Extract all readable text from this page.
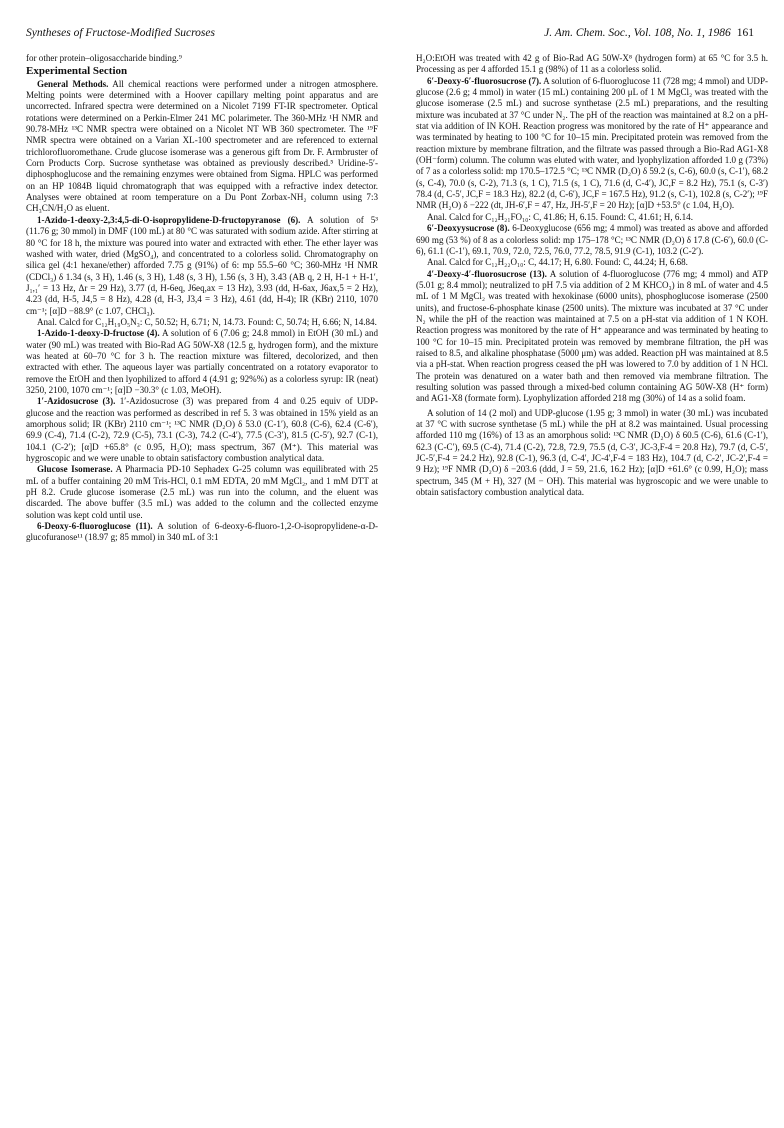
Syntheses of Fructose-Modified Sucroses	J. Am. Chem. Soc., Vol. 108, No. 1, 1986 161

for other protein–oligosaccharide binding.⁹

Experimental Section

General Methods. All chemical reactions were performed under a nitrogen atmosphere. Melting points were determined with a Hoover capillary melting point apparatus and are uncorrected. Infrared spectra were determined on a Nicolet 7199 FT-IR spectrometer. Optical rotations were determined on a Perkin-Elmer 241 MC polarimeter. The 360-MHz ¹H NMR and 90.78-MHz ¹³C NMR spectra were obtained on a Nicolet NT WB 360 spectrometer. The ¹⁹F NMR spectra were obtained on a Varian XL-100 spectrometer and are referenced to external trichlorofluoromethane. Crude glucose isomerase was a generous gift from Dr. F. Armbruster of Corn Products Corp. Sucrose synthetase was obtained as previously described.⁵ Uridine-5′-diphosphoglucose and the remaining enzymes were obtained from Sigma. HPLC was performed on an HP 1084B liquid chromatograph that was equipped with a refractive index detector. Analyses were obtained at room temperature on a Du Pont Zorbax-NH₂ column using 7:3 CH₃CN/H₂O as eluent.

1-Azido-1-deoxy-2,3:4,5-di-O-isopropylidene-D-fructopyranose (6). A solution of 5³ (11.76 g; 30 mmol) in DMF (100 mL) at 80 °C was saturated with sodium azide. After stirring at 80 °C for 18 h, the mixture was poured into water and extracted with ether. The ether layer was washed with water, dried (MgSO₄), and concentrated to a colorless solid. Chromatography on silica gel (4:1 hexane/ether) afforded 7.75 g (91%) of 6: mp 55.5–60 °C; 360-MHz ¹H NMR (CDCl₃) δ 1.34 (s, 3 H), 1.46 (s, 3 H), 1.48 (s, 3 H), 1.56 (s, 3 H), 3.43 (AB q, 2 H, H-1 + H-1′, J₁,₁′ = 13 Hz, Δr = 29 Hz), 3.77 (d, H-6eq, J6eq,ax = 13 Hz), 3.93 (dd, H-6ax, J6ax,5 = 2 Hz), 4.23 (dd, H-5, J4,5 = 8 Hz), 4.28 (d, H-3, J3,4 = 3 Hz), 4.61 (dd, H-4); IR (KBr) 2110, 1070 cm⁻¹; [α]D −88.9° (c 1.07, CHCl₃).

Anal. Calcd for C₁₂H₁₉O₅N₃: C, 50.52; H, 6.71; N, 14.73. Found: C, 50.74; H, 6.66; N, 14.84.

1-Azido-1-deoxy-D-fructose (4). A solution of 6 (7.06 g; 24.8 mmol) in EtOH (30 mL) and water (90 mL) was treated with Bio-Rad AG 50W-X8 (12.5 g, hydrogen form), and the mixture was heated at 60–70 °C for 3 h. The reaction mixture was filtered, decolorized, and then extracted with ether. The aqueous layer was partially concentrated on a rotatory evaporator to remove the EtOH and then lyophilized to afford 4 (4.91 g; 92%%) as a colorless syrup: IR (neat) 3250, 2100, 1070 cm⁻¹; [α]D −30.3° (c 1.03, MeOH).

1′-Azidosucrose (3). 1′-Azidosucrose (3) was prepared from 4 and 0.25 equiv of UDP-glucose and the reaction was performed as described in ref 5. 3 was obtained in 15% yield as an amorphous solid; IR (KBr) 2110 cm⁻¹; ¹³C NMR (D₂O) δ 53.0 (C-1′), 60.8 (C-6), 62.4 (C-6′), 69.9 (C-4), 71.4 (C-2), 72.9 (C-5), 73.1 (C-3), 74.2 (C-4′), 77.5 (C-3′), 81.5 (C-5′), 92.7 (C-1), 104.1 (C-2′); [α]D +65.8° (c 0.95, H₂O); mass spectrum, 367 (M⁺). This material was hygroscopic and we were unable to obtain satisfactory combustion analytical data.

Glucose Isomerase. A Pharmacia PD-10 Sephadex G-25 column was equilibrated with 25 mL of a buffer containing 20 mM Tris-HCl, 0.1 mM EDTA, 20 mM MgCl₂, and 1 mM DTT at pH 8.2. Crude glucose isomerase (2.5 mL) was run into the column, and the eluent was discarded. The above buffer (3.5 mL) was added to the column and the collected enzyme solution was kept cold until use.

6-Deoxy-6-fluoroglucose (11). A solution of 6-deoxy-6-fluoro-1,2-O-isopropylidene-α-D-glucofuranose¹¹ (18.97 g; 85 mmol) in 340 mL of 3:1

H₂O:EtOH was treated with 42 g of Bio-Rad AG 50W-X⁸ (hydrogen form) at 65 °C for 3.5 h. Processing as per 4 afforded 15.1 g (98%) of 11 as a colorless solid.

6′-Deoxy-6′-fluorosucrose (7). A solution of 6-fluoroglucose 11 (728 mg; 4 mmol) and UDP-glucose (2.6 g; 4 mmol) in water (15 mL) containing 200 μL of 1 M MgCl₂ was treated with the glucose isomerase (2.5 mL) and sucrose synthetase (2.5 mL) preparations, and the resulting mixture was incubated at 37 °C under N₂. The pH of the reaction was maintained at 8.2 on a pH-stat via addition of IN KOH. Reaction progress was monitored by the rate of H⁺ appearance and was terminated by heating to 100 °C for 10–15 min. Precipitated protein was removed from the reaction mixture by membrane filtration, and the filtrate was passed through a Bio-Rad AG1-X8 (OH⁻form) column. The column was eluted with water, and lyophylization afforded 1.0 g (73%) of 7 as a colorless solid: mp 170.5–172.5 °C; ¹³C NMR (D₂O) δ 59.2 (s, C-6), 60.0 (s, C-1′), 68.2 (s, C-4), 70.0 (s, C-2), 71.3 (s, 1 C), 71.5 (s, 1 C), 71.6 (d, C-4′), JC,F = 8.2 Hz), 75.1 (s, C-3′) 78.4 (d, C-5′, JC,F = 18.3 Hz), 82.2 (d, C-6′), JC,F = 167.5 Hz), 91.2 (s, C-1), 102.8 (s, C-2′); ¹⁹F NMR (H₂O) δ −222 (dt, JH-6′,F = 47, Hz, JH-5′,F = 20 Hz); [α]D +53.5° (c 1.04, H₂O).

Anal. Calcd for C₁₂H₂₁FO₁₀: C, 41.86; H, 6.15. Found: C, 41.61; H, 6.14.

6′-Deoxyysucrose (8). 6-Deoxyglucose (656 mg; 4 mmol) was treated as above and afforded 690 mg (53 %) of 8 as a colorless solid: mp 175–178 °C; ¹³C NMR (D₂O) δ 17.8 (C-6′), 60.0 (C-6), 61.1 (C-1′), 69.1, 70.9, 72.0, 72.5, 76.0, 77.2, 78.5, 91.9 (C-1), 103.2 (C-2′).

Anal. Calcd for C₁₂H₂₂O₁₀: C, 44.17; H, 6.80. Found: C, 44.24; H, 6.68.

4′-Deoxy-4′-fluorosucrose (13). A solution of 4-fluoroglucose (776 mg; 4 mmol) and ATP (5.01 g; 8.4 mmol); neutralized to pH 7.5 via addition of 2 M KHCO₃) in 8 mL of water and 4.5 mL of 1 M MgCl₂ was treated with hexokinase (6000 units), phosphoglucose isomerase (2500 units), and fructose-6-phosphate kinase (2500 units). The mixture was incubated at 37 °C under N₂ while the pH of the reaction was maintained at 7.5 on a pH-stat via addition of 1 N KOH. Reaction progress was monitored by the rate of H⁺ appearance and was terminated by heating to 100 °C for 10–15 min. Precipitated protein was removed by membrane filtration, the pH was raised to 8.5, and alkaline phosphatase (5000 μm) was added. Reaction pH was maintained at 8.5 via a pH-stat. When reaction progress ceased the pH was lowered to 7.0 by addition of 1 N HCl. The protein was denatured on a water bath and then removed via membrane filtration. The resulting solution was passed through a mixed-bed column containing AG 50W-X8 (H⁺ form) and AG1-X8 (formate form). Lyophylization afforded 218 mg (30%) of 14 as a solid foam.

A solution of 14 (2 mol) and UDP-glucose (1.95 g; 3 mmol) in water (30 mL) was incubated at 37 °C with sucrose synthetase (5 mL) while the pH at 8.2 was maintained. Usual processing afforded 110 mg (16%) of 13 as an amorphous solid: ¹³C NMR (D₂O) δ 60.5 (C-6), 61.6 (C-1′), 62.3 (C-C′), 69.5 (C-4), 71.4 (C-2), 72.8, 72.9, 75.5 (d, C-3′, JC-3,F-4 = 20.8 Hz), 79.7 (d, C-5′, JC-5′,F-4 = 24.2 Hz), 92.8 (C-1), 96.3 (d, C-4′, JC-4′,F-4 = 183 Hz), 104.7 (d, C-2′, JC-2′,F-4 = 9 Hz); ¹⁹F NMR (D₂O) δ −203.6 (ddd, J = 59, 21.6, 16.2 Hz); [α]D +61.6° (c 0.99, H₂O); mass spectrum, 345 (M + H), 327 (M − OH). This material was hygroscopic and we were unable to obtain satisfactory combustion analytical data.
